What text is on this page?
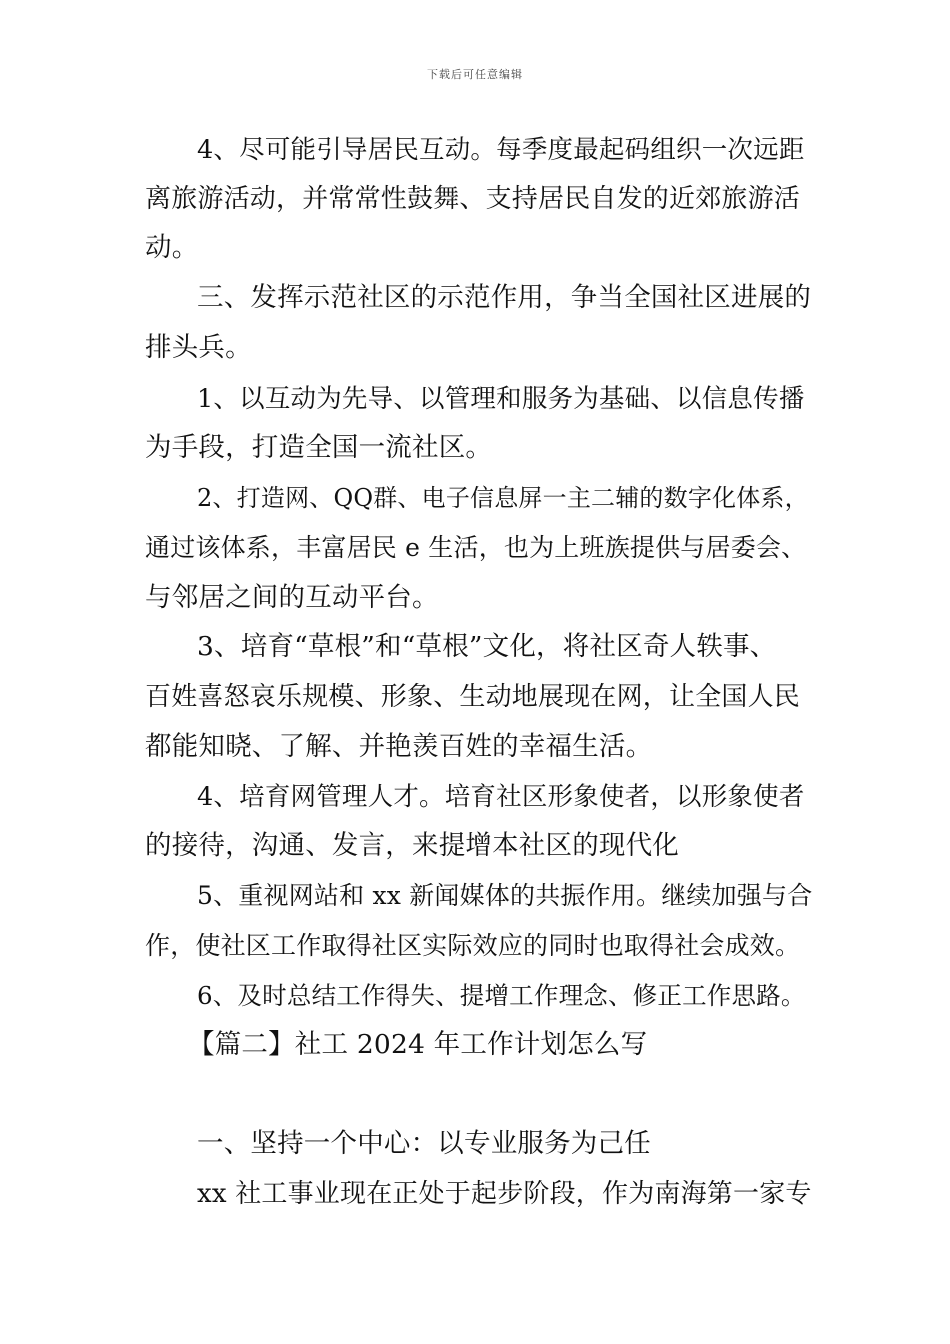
下载后可任意编辑
4、尽可能引导居民互动。每季度最起码组织一次远距
离旅游活动，并常常性鼓舞、支持居民自发的近郊旅游活
动。
三、发挥示范社区的示范作用，争当全国社区进展的
排头兵。
1、以互动为先导、以管理和服务为基础、以信息传播
为手段，打造全国一流社区。
2、打造网、QQ群、电子信息屏一主二辅的数字化体系，
通过该体系，丰富居民 e 生活，也为上班族提供与居委会、
与邻居之间的互动平台。
3、培育“草根”和“草根”文化，将社区奇人轶事、
百姓喜怒哀乐规模、形象、生动地展现在网，让全国人民
都能知晓、了解、并艳羡百姓的幸福生活。
4、培育网管理人才。培育社区形象使者，以形象使者
的接待，沟通、发言，来提增本社区的现代化
5、重视网站和 xx 新闻媒体的共振作用。继续加强与合
作，使社区工作取得社区实际效应的同时也取得社会成效。
6、及时总结工作得失、提增工作理念、修正工作思路。
【篇二】社工 2024 年工作计划怎么写
一、坚持一个中心：以专业服务为己任
xx 社工事业现在正处于起步阶段，作为南海第一家专
